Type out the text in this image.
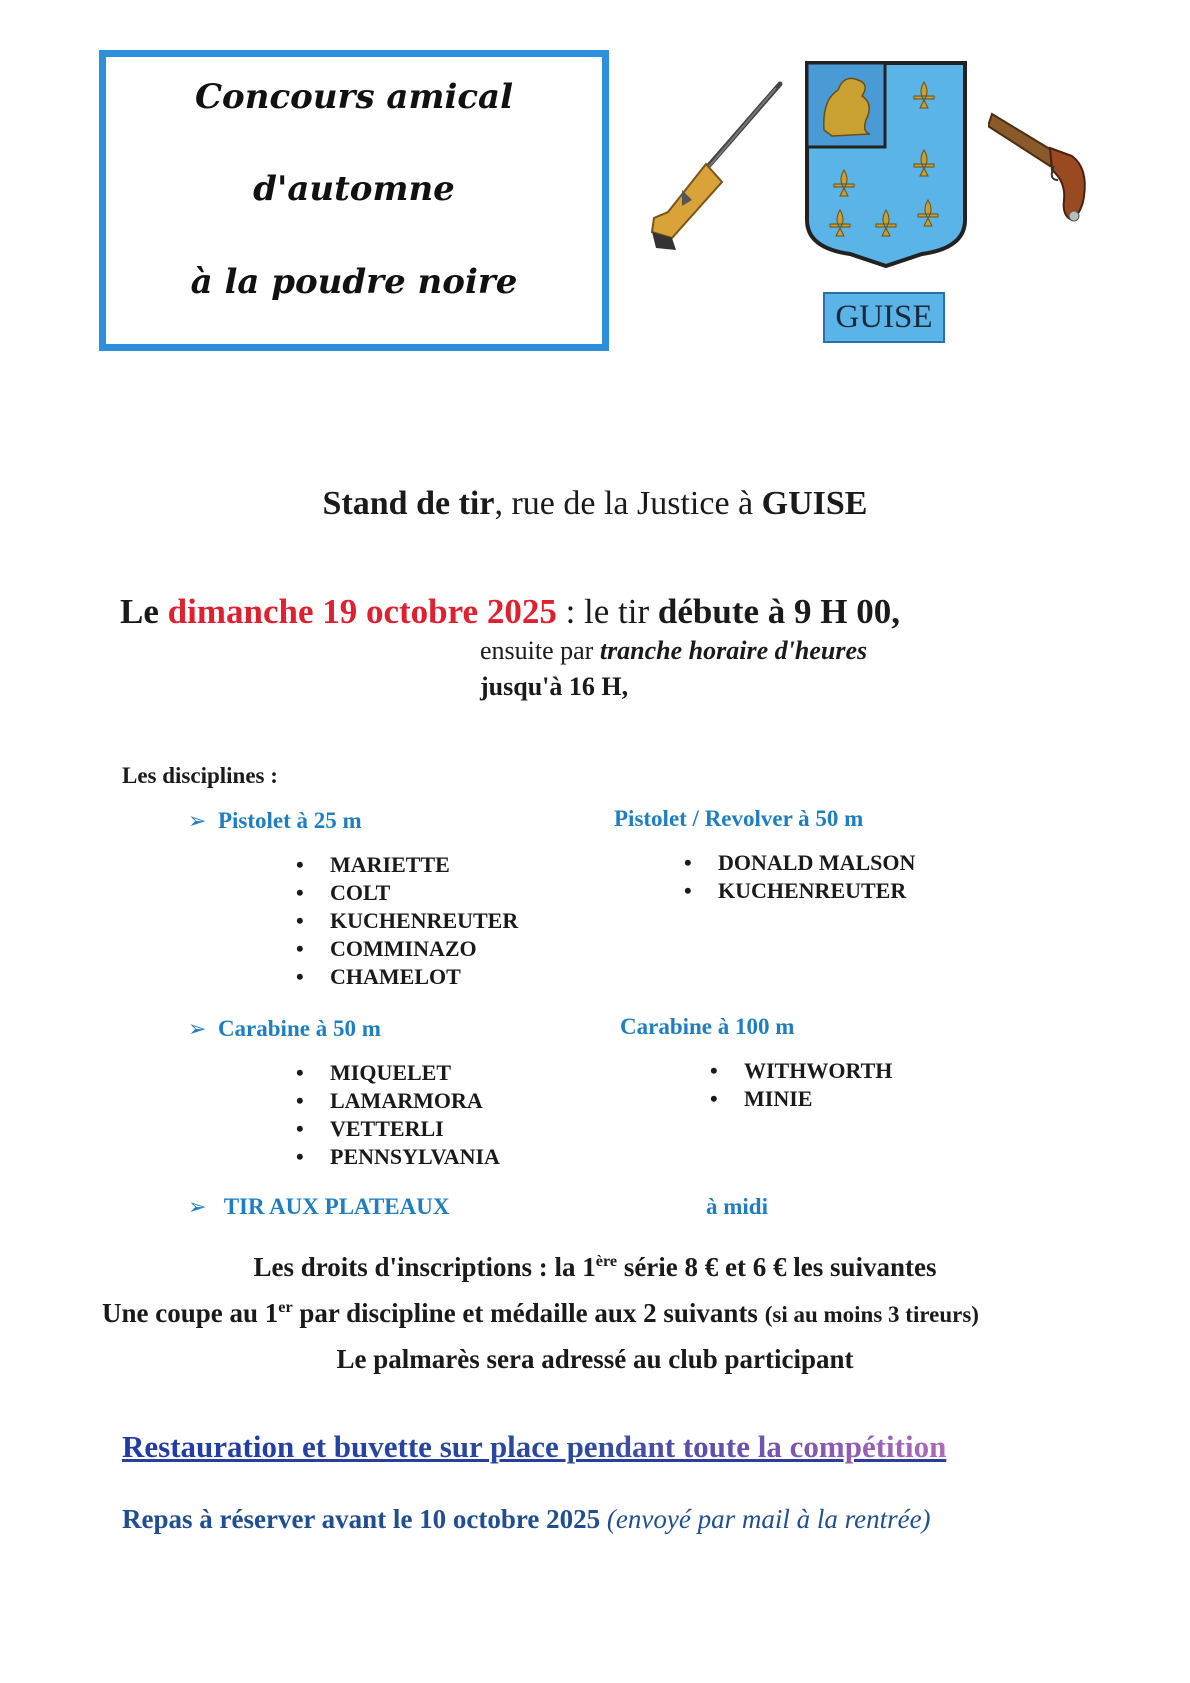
Concours amical
d'automne
à la poudre noire
GUISE
Stand de tir, rue de la Justice à GUISE
Le dimanche 19 octobre 2025 : le tir débute à 9 H 00,
ensuite par tranche horaire d'heures
jusqu'à 16 H,
Les disciplines :
➢ Pistolet à 25 m
• MARIETTE
• COLT
• KUCHENREUTER
• COMMINAZO
• CHAMELOT
Pistolet / Revolver à 50 m
• DONALD MALSON
• KUCHENREUTER
➢ Carabine à 50 m
• MIQUELET
• LAMARMORA
• VETTERLI
• PENNSYLVANIA
Carabine à 100 m
• WITHWORTH
• MINIE
➢ TIR AUX PLATEAUX	à midi
Les droits d'inscriptions : la 1ère série 8 € et 6 € les suivantes
Une coupe au 1er par discipline et médaille aux 2 suivants (si au moins 3 tireurs)
Le palmarès sera adressé au club participant
Restauration et buvette sur place pendant toute la compétition
Repas à réserver avant le 10 octobre 2025 (envoyé par mail à la rentrée)
